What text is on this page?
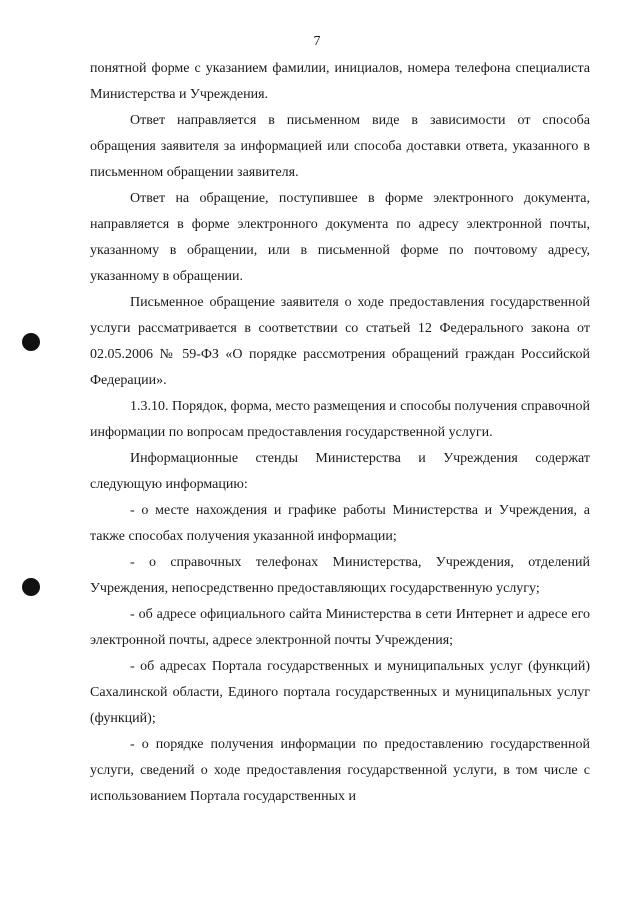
7

понятной форме с указанием фамилии, инициалов, номера телефона специалиста Министерства и Учреждения.

Ответ направляется в письменном виде в зависимости от способа обращения заявителя за информацией или способа доставки ответа, указанного в письменном обращении заявителя.

Ответ на обращение, поступившее в форме электронного документа, направляется в форме электронного документа по адресу электронной почты, указанному в обращении, или в письменной форме по почтовому адресу, указанному в обращении.

Письменное обращение заявителя о ходе предоставления государственной услуги рассматривается в соответствии со статьей 12 Федерального закона от 02.05.2006 № 59-ФЗ «О порядке рассмотрения обращений граждан Российской Федерации».

1.3.10. Порядок, форма, место размещения и способы получения справочной информации по вопросам предоставления государственной услуги.

Информационные стенды Министерства и Учреждения содержат следующую информацию:

- о месте нахождения и графике работы Министерства и Учреждения, а также способах получения указанной информации;

- о справочных телефонах Министерства, Учреждения, отделений Учреждения, непосредственно предоставляющих государственную услугу;

- об адресе официального сайта Министерства в сети Интернет и адресе его электронной почты, адресе электронной почты Учреждения;

- об адресах Портала государственных и муниципальных услуг (функций) Сахалинской области, Единого портала государственных и муниципальных услуг (функций);

- о порядке получения информации по предоставлению государственной услуги, сведений о ходе предоставления государственной услуги, в том числе с использованием Портала государственных и
